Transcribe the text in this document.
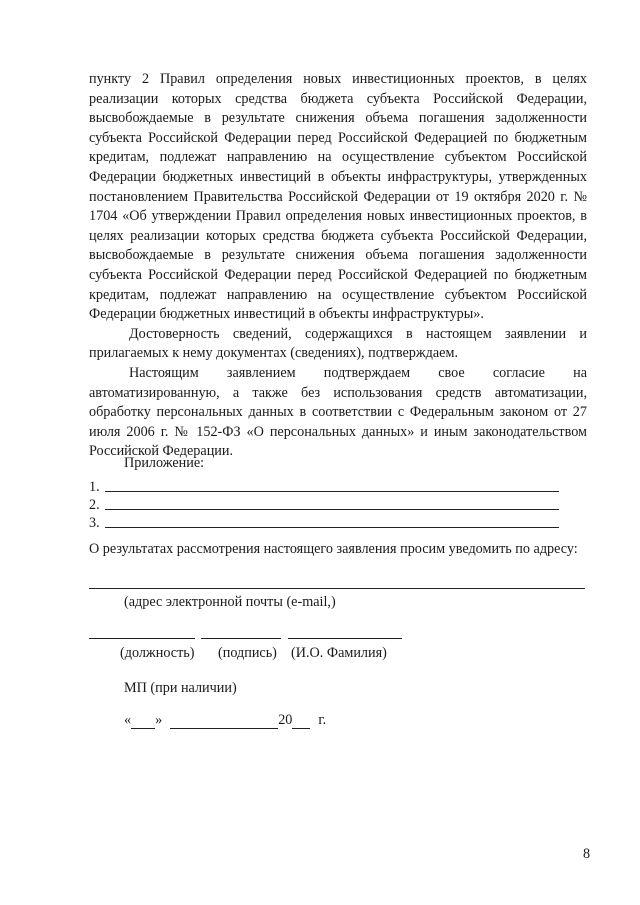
пункту 2 Правил определения новых инвестиционных проектов, в целях реализации которых средства бюджета субъекта Российской Федерации, высвобождаемые в результате снижения объема погашения задолженности субъекта Российской Федерации перед Российской Федерацией по бюджетным кредитам, подлежат направлению на осуществление субъектом Российской Федерации бюджетных инвестиций в объекты инфраструктуры, утвержденных постановлением Правительства Российской Федерации от 19 октября 2020 г. № 1704 «Об утверждении Правил определения новых инвестиционных проектов, в целях реализации которых средства бюджета субъекта Российской Федерации, высвобождаемые в результате снижения объема погашения задолженности субъекта Российской Федерации перед Российской Федерацией по бюджетным кредитам, подлежат направлению на осуществление субъектом Российской Федерации бюджетных инвестиций в объекты инфраструктуры».

Достоверность сведений, содержащихся в настоящем заявлении и прилагаемых к нему документах (сведениях), подтверждаем.

Настоящим заявлением подтверждаем свое согласие на автоматизированную, а также без использования средств автоматизации, обработку персональных данных в соответствии с Федеральным законом от 27 июля 2006 г. № 152-ФЗ «О персональных данных» и иным законодательством Российской Федерации.

Приложение:
1.
2.
3.

О результатах рассмотрения настоящего заявления просим уведомить по адресу:

(адрес электронной почты (e-mail,)
(должность) (подпись) (И.О. Фамилия)
МП (при наличии)
« »	20 г.
8
